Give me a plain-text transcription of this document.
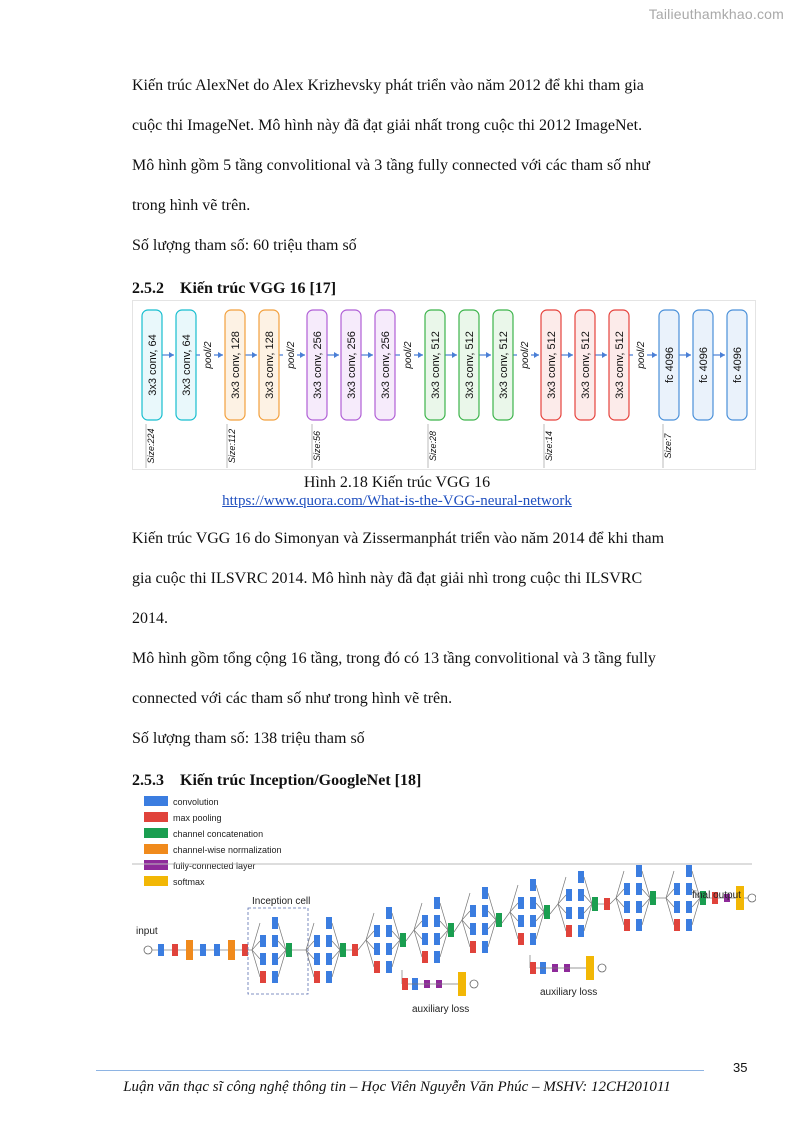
Tailieuthamkhao.com
Kiến trúc AlexNet do Alex Krizhevsky phát triển vào năm 2012 để khi tham gia
cuộc thi ImageNet. Mô hình này đã đạt giải nhất trong cuộc thi 2012 ImageNet.
Mô hình gồm 5 tầng convolitional và 3 tầng fully connected với các tham số như
trong hình vẽ trên.
Số lượng tham số: 60 triệu tham số
2.5.2 Kiến trúc VGG 16 [17]
pool/2	pool/2	pool/2	pool/2	pool/2
3x3 conv, 64 3x3 conv, 64	3x3 conv, 128 3x3 conv, 128	3x3 conv, 256 3x3 conv, 256 3x3 conv, 256	3x3 conv, 512 3x3 conv, 512 3x3 conv, 512	3x3 conv, 512 3x3 conv, 512 3x3 conv, 512	fc 4096 fc 4096 fc 4096
Size:224	Size:112	Size:56	Size:28	Size:14	Size:7
Hình 2.18 Kiến trúc VGG 16
https://www.quora.com/What-is-the-VGG-neural-network
Kiến trúc VGG 16 do Simonyan và Zissermanphát triển vào năm 2014 để khi tham
gia cuộc thi ILSVRC 2014. Mô hình này đã đạt giải nhì trong cuộc thi ILSVRC
2014.
Mô hình gồm tổng cộng 16 tầng, trong đó có 13 tầng convolitional và 3 tầng fully
connected với các tham số như trong hình vẽ trên.
Số lượng tham số: 138 triệu tham số
2.5.3 Kiến trúc Inception/GoogleNet [18]
convolution
max pooling
channel concatenation
channel-wise normalization
fully-connected layer
softmax
input
Inception cell
final output
auxiliary loss
auxiliary loss
35
Luận văn thạc sĩ công nghệ thông tin – Học Viên Nguyễn Văn Phúc – MSHV: 12CH201011
